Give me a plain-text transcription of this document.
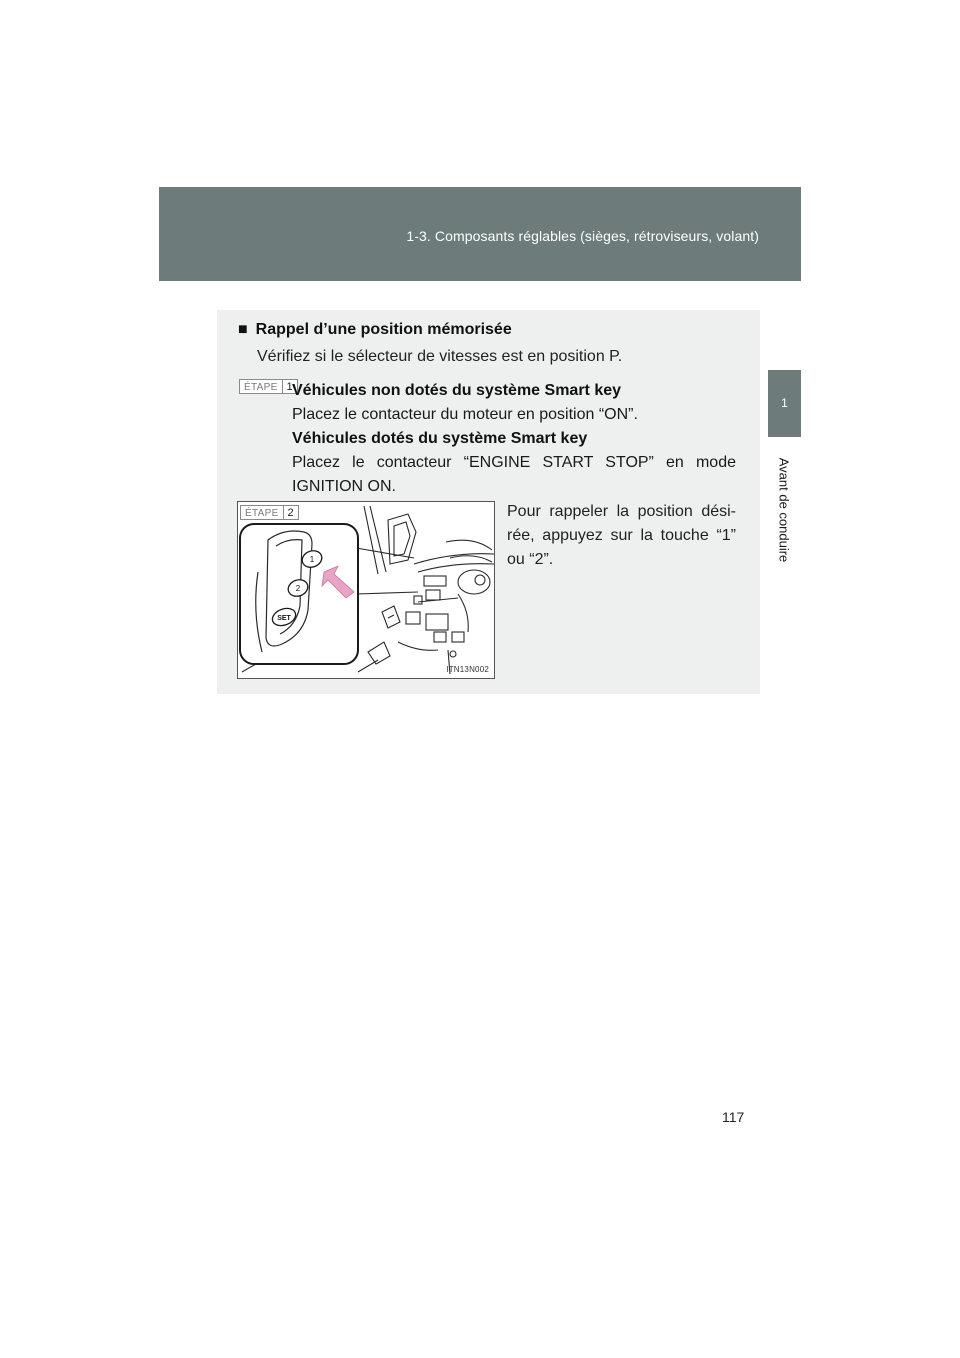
1-3. Composants réglables (sièges, rétroviseurs, volant)
1
Avant de conduire
■ Rappel d’une position mémorisée
Vérifiez si le sélecteur de vitesses est en position P.
ÉTAPE 1 Véhicules non dotés du système Smart key
Placez le contacteur du moteur en position “ON”.
Véhicules dotés du système Smart key
Placez le contacteur “ENGINE START STOP” en mode IGNITION ON.
1
2
SET
ÉTAPE 2
ITN13N002
Pour rappeler la position dési-rée, appuyez sur la touche “1” ou “2”.
117
